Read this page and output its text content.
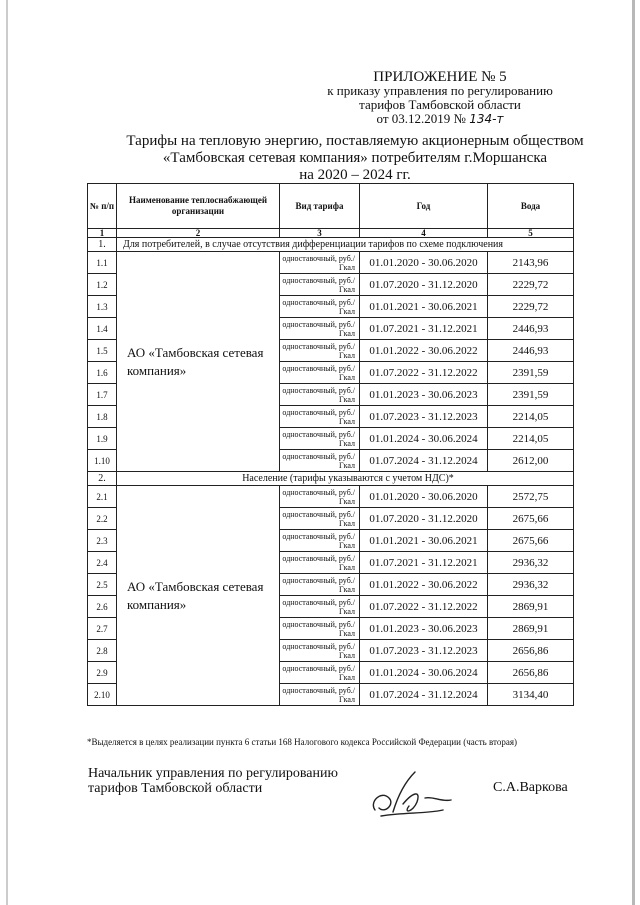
ПРИЛОЖЕНИЕ № 5
к приказу управления по регулированию
тарифов Тамбовской области
от 03.12.2019 № 134-т
Тарифы на тепловую энергию, поставляемую акционерным обществом
«Тамбовская сетевая компания» потребителям г.Моршанска
на 2020 – 2024 гг.
№ п/п	Наименование теплоснабжающей организации	Вид тарифа	Год	Вода
1	2	3	4	5
1.	Для потребителей, в случае отсутствия дифференциации тарифов по схеме подключения			
1.1	АО «Тамбовская сетевая компания»	одноставочный, руб./Гкал	01.01.2020 - 30.06.2020	2143,96
1.2		одноставочный, руб./Гкал	01.07.2020 - 31.12.2020	2229,72
1.3		одноставочный, руб./Гкал	01.01.2021 - 30.06.2021	2229,72
1.4		одноставочный, руб./Гкал	01.07.2021 - 31.12.2021	2446,93
1.5		одноставочный, руб./Гкал	01.01.2022 - 30.06.2022	2446,93
1.6		одноставочный, руб./Гкал	01.07.2022 - 31.12.2022	2391,59
1.7		одноставочный, руб./Гкал	01.01.2023 - 30.06.2023	2391,59
1.8		одноставочный, руб./Гкал	01.07.2023 - 31.12.2023	2214,05
1.9		одноставочный, руб./Гкал	01.01.2024 - 30.06.2024	2214,05
1.10		одноставочный, руб./Гкал	01.07.2024 - 31.12.2024	2612,00
2.	Население (тарифы указываются с учетом НДС)*			
2.1	АО «Тамбовская сетевая компания»	одноставочный, руб./Гкал	01.01.2020 - 30.06.2020	2572,75
2.2		одноставочный, руб./Гкал	01.07.2020 - 31.12.2020	2675,66
2.3		одноставочный, руб./Гкал	01.01.2021 - 30.06.2021	2675,66
2.4		одноставочный, руб./Гкал	01.07.2021 - 31.12.2021	2936,32
2.5		одноставочный, руб./Гкал	01.01.2022 - 30.06.2022	2936,32
2.6		одноставочный, руб./Гкал	01.07.2022 - 31.12.2022	2869,91
2.7		одноставочный, руб./Гкал	01.01.2023 - 30.06.2023	2869,91
2.8		одноставочный, руб./Гкал	01.07.2023 - 31.12.2023	2656,86
2.9		одноставочный, руб./Гкал	01.01.2024 - 30.06.2024	2656,86
2.10		одноставочный, руб./Гкал	01.07.2024 - 31.12.2024	3134,40
*Выделяется в целях реализации пункта 6 статьи 168 Налогового кодекса Российской Федерации (часть вторая)
Начальник управления по регулированию
тарифов Тамбовской области	С.А.Варкова
